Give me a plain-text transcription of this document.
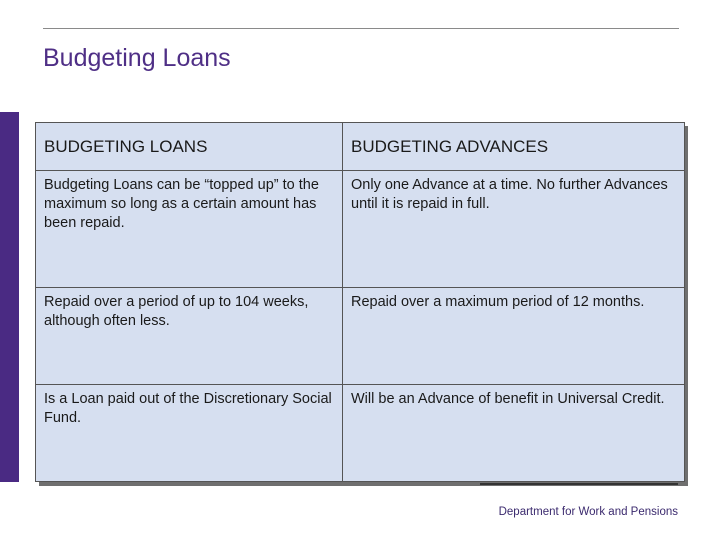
Budgeting Loans
BUDGETING LOANS	BUDGETING ADVANCES
Budgeting Loans can be “topped up” to the maximum so long as a certain amount has been repaid.	Only one Advance at a time. No further Advances until it is repaid in full.
Repaid over a period of up to 104 weeks, although often less.	Repaid over a maximum period of 12 months.
Is a Loan paid out of the Discretionary Social Fund.	Will be an Advance of benefit in Universal Credit.
Department for Work and Pensions
